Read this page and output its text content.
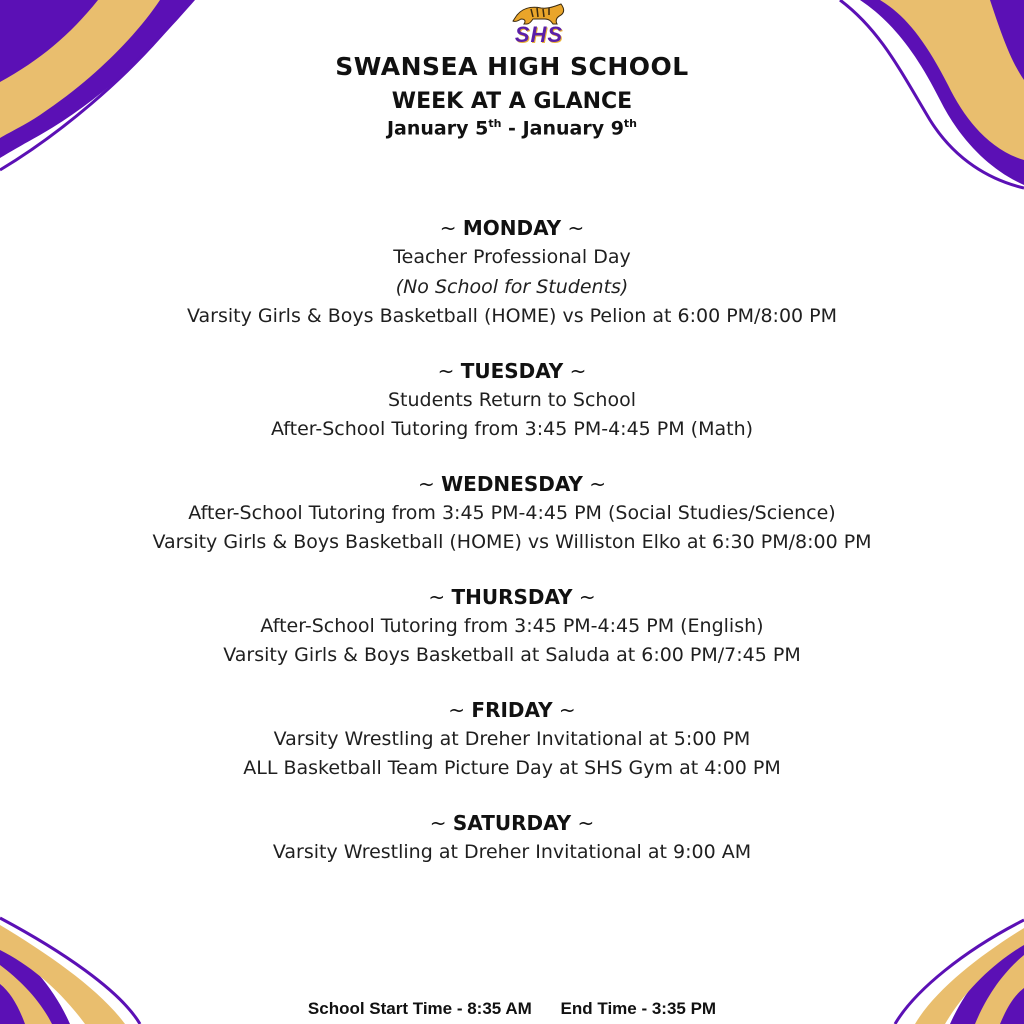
SHS
SWANSEA HIGH SCHOOL
WEEK AT A GLANCE
January 5th - January 9th
~ MONDAY ~
Teacher Professional Day
(No School for Students)
Varsity Girls & Boys Basketball (HOME) vs Pelion at 6:00 PM/8:00 PM
~ TUESDAY ~
Students Return to School
After-School Tutoring from 3:45 PM-4:45 PM (Math)
~ WEDNESDAY ~
After-School Tutoring from 3:45 PM-4:45 PM (Social Studies/Science)
Varsity Girls & Boys Basketball (HOME) vs Williston Elko at 6:30 PM/8:00 PM
~ THURSDAY ~
After-School Tutoring from 3:45 PM-4:45 PM (English)
Varsity Girls & Boys Basketball at Saluda at 6:00 PM/7:45 PM
~ FRIDAY ~
Varsity Wrestling at Dreher Invitational at 5:00 PM
ALL Basketball Team Picture Day at SHS Gym at 4:00 PM
~ SATURDAY ~
Varsity Wrestling at Dreher Invitational at 9:00 AM
School Start Time - 8:35 AM End Time - 3:35 PM
